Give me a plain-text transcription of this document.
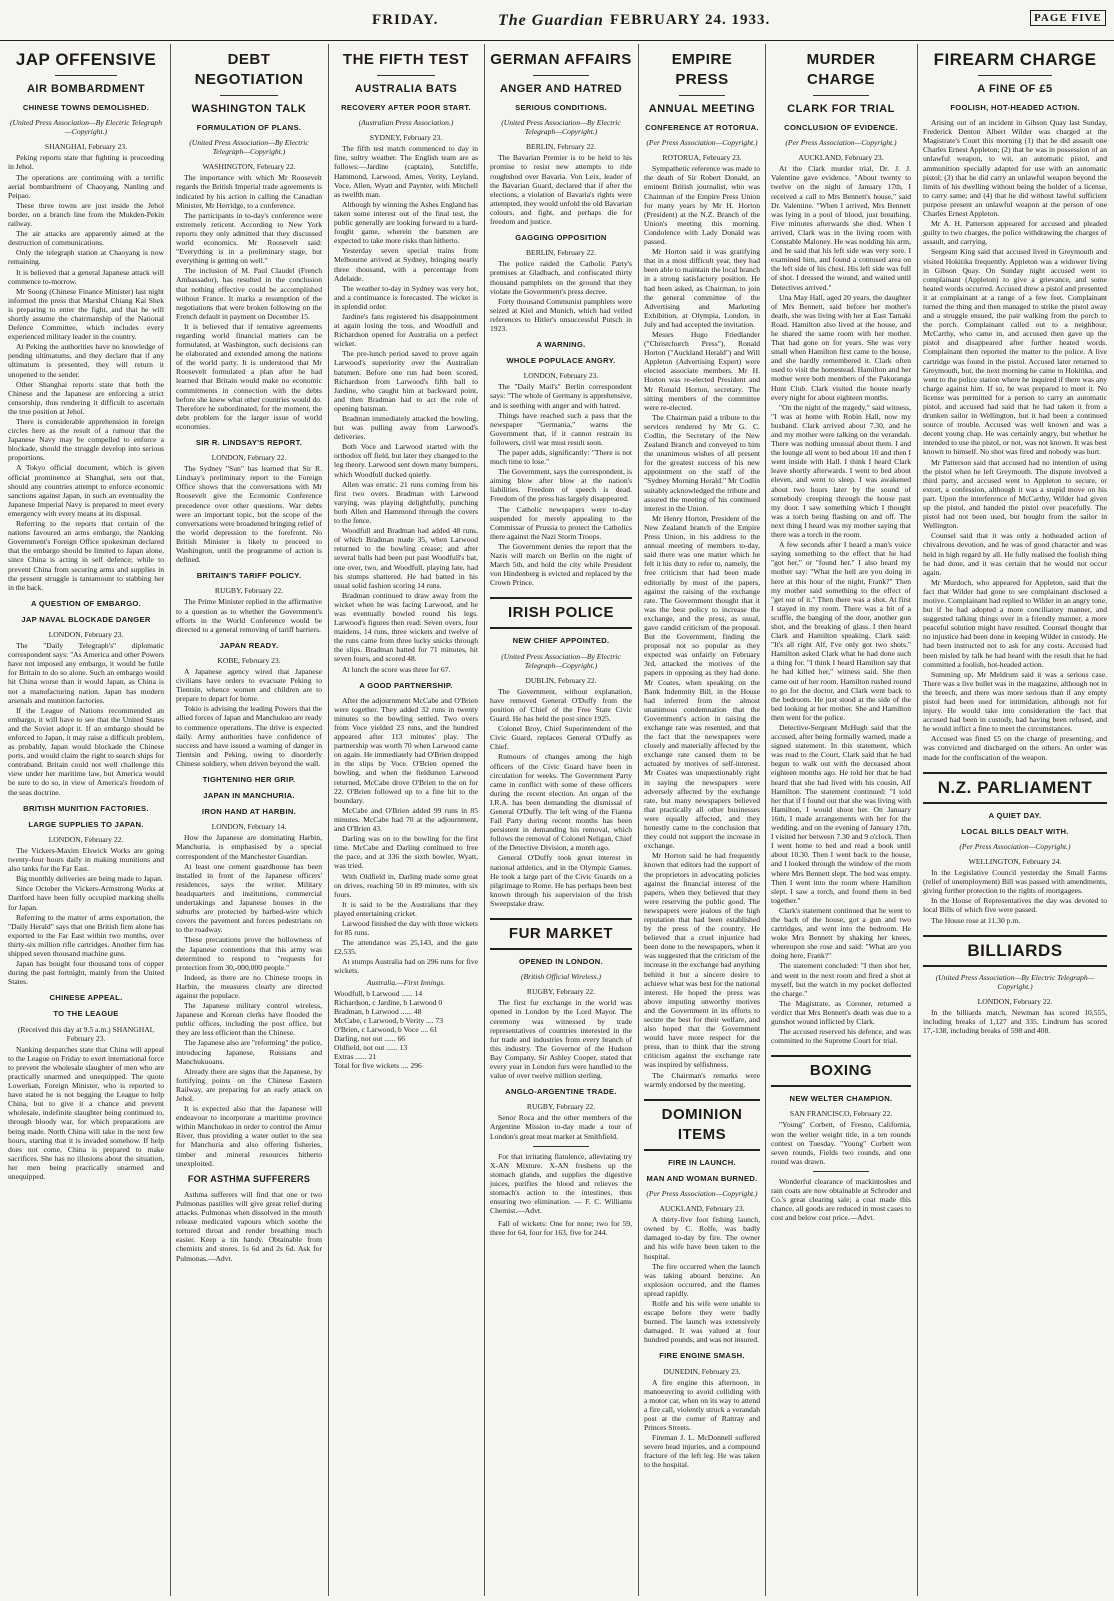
FRIDAY.	The Guardian FEBRUARY 24. 1933.	PAGE FIVE
JAP OFFENSIVE
AIR BOMBARDMENT
CHINESE TOWNS DEMOLISHED.
(United Press Association—By Electric Telegraph—Copyright.)
SHANGHAI, February 23.

Peking reports state that fighting is proceeding in Jehol.

The operations are continuing with a terrific aerial bombardment of Chaoyang, Nanling and Peipao.

These three towns are just inside the Jehol border, on a branch line from the Mukden-Pekin railway.

The air attacks are apparently aimed at the destruction of communications.

Only the telegraph station at Chaoyang is now remaining.

It is believed that a general Japanese attack will commence to-morrow.

Mr Soong (Chinese Finance Minister) last night informed the press that Marshal Chiang Kai Shek is preparing to enter the fight, and that he will shortly assume the chairmanship of the National Defence Committee, which includes every experienced military leader in the country.

At Peking the authorities have no knowledge of pending ultimatums, and they declare that if any ultimatum is presented, they will return it unopened to the sender.

Other Shanghai reports state that both the Chinese and the Japanese are enforcing a strict censorship, thus rendering it difficult to ascertain the true position at Jehol.

There is considerable apprehension in foreign circles here as the result of a rumour that the Japanese Navy may be compelled to enforce a blockade, should the struggle develop into serious proportions.

A Tokyo official document, which is given official prominence at Shanghai, sets out that, should any countries attempt to enforce economic sanctions against Japan, in such an eventuality the Japanese Imperial Navy is prepared to meet every emergency with every means at its disposal.

Referring to the reports that certain of the nations favoured an arms embargo, the Nanking Government's Foreign Office spokesman declared that the embargo should be limited to Japan alone, since China is acting in self defence; while to prevent China from securing arms and supplies in the present struggle is tantamount to stabbing her in the back.

A QUESTION OF EMBARGO.
JAP NAVAL BLOCKADE DANGER
LONDON, February 23.

The "Daily Telegraph's" diplomatic correspondent says: "As America and other Powers have not imposed any embargo, it would be futile for Britain to do so alone. Such an embargo would hit China worse than it would Japan, as China is not a manufacturing nation. Japan has modern arsenals and munition factories.

If the League of Nations recommended an embargo, it will have to see that the United States and the Soviet adopt it. If an embargo should be enforced to Japan, it may raise a difficult problem, as probably, Japan would blockade the Chinese ports, and would claim the right to search ships for contraband. Britain could not well challenge this view under her maritime law, but America would be sure to do so, in view of America's freedom of the seas doctrine.

BRITISH MUNITION FACTORIES.
LARGE SUPPLIES TO JAPAN.
LONDON, February 22.

The Vickers-Maxim Elswick Works are going twenty-four hours daily in making munitions and also tanks for the Far East.

Big monthly deliveries are being made to Japan.

Since October the Vickers-Armstrong Works at Dartford have been fully occupied marking shells for Japan.

Referring to the matter of arms exportation, the "Daily Herald" says that one British firm alone has exported to the Far East within two months, over thirty-six million rifle cartridges. Another firm has shipped seven thousand machine guns.

Japan has bought four thousand tons of copper during the past fortnight, mainly from the United States.

CHINESE APPEAL.
TO THE LEAGUE
(Received this day at 9.5 a.m.) SHANGHAI, February 23.

Nanking despatches state that China will appeal to the League on Friday to exert international force to prevent the wholesale slaughter of men who are practically unarmed and unequipped. The quote Lowerkan, Foreign Minister, who is reported to have stated he is not begging the League to help China, but to give it a chance and prevent wholesale, indefinite slaughter being continued to, through bloody war, for which preparations are being made. North China will take in the next few hours, starting that it is invaded somehow. If help does not come, China is prepared to make sacrifices. She has no illusions about the situation, her men being practically unarmed and unequipped.

DEBT NEGOTIATION
WASHINGTON TALK
FORMULATION OF PLANS.
(United Press Association—By Electric Telegraph—Copyright.)
WASHINGTON, February 22.

The importance with which Mr Roosevelt regards the British Imperial trade agreements is indicated by his action in calling the Canadian Minister, Mr Herridge, to a conference.

The participants in to-day's conference were extremely reticent. According to New York reports they only admitted that they discussed world economics. Mr Roosevelt said: "Everything is in a preliminary stage, but everything is getting on well."

The inclusion of M. Paul Claudel (French Ambassador), has resulted in the conclusion that nothing effective could be accomplished without France. It marks a resumption of the negotiations that were broken following on the French default in payment on December 15.

It is believed that if tentative agreements regarding world financial matters can be formulated, at Washington, such decisions can be elaborated and extended among the nations of the world party. It is understood that Mr Roosevelt formulated a plan after he had learned that Britain would make no economic commitments in connection with the debts before she knew what other countries would do. Therefore he subordinated, for the moment, the debt problem for the larger issue of world economies.

SIR R. LINDSAY'S REPORT.
LONDON, February 22.

The Sydney "Sun" has learned that Sir R. Lindsay's preliminary report to the Foreign Office shows that the conversations with Mr Roosevelt give the Economic Conference precedence over other questions. War debts were an important topic, but the scope of the conversations were broadened bringing relief of the world depression to the forefront. No British Minister is likely to proceed to Washington, until the programme of action is defined.

BRITAIN'S TARIFF POLICY.
RUGBY, February 22.

The Prime Minister replied in the affirmative to a question as to whether the Government's efforts in the World Conference would be directed to a general removing of tariff barriers.

JAPAN READY.
KOBE, February 23.

A Japanese agency wired that Japanese civilians have orders to evacuate Peking to Tientsin, whence women and children are to prepare to depart for home.

Tokio is advising the leading Powers that the allied forces of Japan and Manchukuo are ready to commence operations. The drive is expected daily. Army authorities have confidence of success and have issued a warning of danger in Tientsin and Peking, owing to disorderly Chinese soldiery, when driven beyond the wall.

TIGHTENING HER GRIP.
JAPAN IN MANCHURIA.
IRON HAND AT HARBIN.
LONDON, February 14.

How the Japanese are dominating Harbin, Manchuria, is emphasised by a special correspondent of the Manchester Guardian.

At least one cement guardhouse has been installed in front of the Japanese officers' residences, says the writer. Military headquarters and institutions, commercial undertakings and Japanese houses in the suburbs are protected by barbed-wire which covers the pavement and forces pedestrians on to the roadway.

These precautions prove the hollowness of the Japanese contentions that this army was determined to respond to "requests for protection from 30,-000,000 people."

Indeed, as there are no Chinese troops in Harbin, the measures clearly are directed against the populace.

The Japanese military control wireless, Japanese and Korean clerks have flooded the public offices, including the post office, but they are less efficient than the Chinese.

The Japanese also are "reforming" the police, introducing Japanese, Russians and Manchukuoans.

Already there are signs that the Japanese, by fortifying points on the Chinese Eastern Railway, are preparing for an early attack on Jehol.

It is expected also that the Japanese will endeavour to incorporate a maritime province within Manchukuo in order to control the Amur River, thus providing a water outlet to the sea for Manchuria and also offering fisheries, timber and mineral resources hitherto unexploited.

FOR ASTHMA SUFFERERS

Asthma sufferers will find that one or two Pulmonas pastilles will give great relief during attacks. Pulmonas when dissolved in the mouth release medicated vapours which soothe the tortured throat and render breathing much easier. Keep a tin handy. Obtainable from chemists and stores. 1s 6d and 2s 6d. Ask for Pulmonas.—Advt.

THE FIFTH TEST
AUSTRALIA BATS
RECOVERY AFTER POOR START.
(Australian Press Association.)
SYDNEY, February 23.

The fifth test match commenced to day in fine, sultry weather. The English team are as follows:—Jardine (captain), Sutcliffe, Hammond, Larwood, Ames, Verity, Leyland, Voce, Allen, Wyatt and Paynter, with Mitchell as twelfth man.

Although by winning the Ashes England has taken some interest out of the final test, the public generally are looking forward to a hard-fought game, wherein the batsmen are expected to take more risks than hitherto.

Yesterday seven special trains from Melbourne arrived at Sydney, bringing nearly three thousand, with a percentage from Adelaide.

The weather to-day in Sydney was very hot, and a continuance is forecasted. The wicket is in splendid order.

Jardine's fans registered his disappointment at again losing the toss, and Woodfull and Richardson opened for Australia on a perfect wicket.

The pre-lunch period saved to prove again Larwood's superiority over the Australian batsmen. Before one run had been scored, Richardson from Larwood's fifth ball to Jardine, who caught him at backward point, and then Bradman had to act the role of opening batsman.

Bradman immediately attacked the bowling, but was pulling away from Larwood's deliveries.

Both Voce and Larwood started with the orthodox off field, but later they changed to the leg theory. Larwood sent down many bumpers, which Woodfull ducked quietly.

Allen was erratic. 21 runs coming from his first two overs. Bradman with Larwood varying, was playing delightfully, punching both Allen and Hammond through the covers to the fence.

Woodfull and Bradman had added 48 runs, of which Bradman made 35, when Larwood returned to the bowling crease; and after several balls had been put past Woodfull's bat, one over, two, and Woodfull, playing late, had his stumps shattered. He had batted in his usual solid fashion scoring 14 runs.

Bradman continued to draw away from the wicket when he was facing Larwood, and he was eventually bowled round his legs. Larwood's figures then read: Seven overs, four maidens, 14 runs, three wickets and twelve of the runs came from three lucky snicks through the slips. Bradman batted for 71 minutes, hit seven fours, and scored 48.

At lunch the score was three for 67.

A GOOD PARTNERSHIP.

After the adjournment McCabe and O'Brien were together. They added 32 runs in twenty minutes so the bowling settled. Two overs from Voce yielded 23 runs, and the hundred appeared after 113 minutes' play. The partnership was worth 70 when Larwood came on again. He immediately had O'Brien dropped in the slips by Voce. O'Brien opened the bowling, and when the fieldsmen Larwood returned, McCabe drove O'Brien to the on for 22. O'Brien followed up to a fine hit to the boundary.

McCabe and O'Brien added 99 runs in 85 minutes. McCabe had 70 at the adjournment, and O'Brien 43.

Darling was on to the bowling for the first time. McCabe and Darling continued to free the pace, and at 336 the sixth bowler, Wyatt, was tried.

With Oldfield in, Darling made some great on drives, reaching 50 in 89 minutes, with six fours.

It is said to be the Australians that they played entertaining cricket.

Larwood finished the day with three wickets for 85 runs.

The attendance was 25,143, and the gate £2,535.

At stumps Australia had on 296 runs for five wickets.

Australia.—First Innings.
Woodfull, b Larwood ...... 14
Richardson, c Jardine, b Larwood 0
Bradman, b Larwood ...... 48
McCabe, c Larwood, b Verity .... 73
O'Brien, c Larwood, b Voce .... 61
Darling, not out ...... 66
Oldfield, not out ...... 13
Extras ...... 21
Total for five wickets .... 296
GERMAN AFFAIRS
ANGER AND HATRED
SERIOUS CONDITIONS.
(United Press Association—By Electric Telegraph—Copyright.)
BERLIN, February 22.

The Bavarian Premier is to be held to his promise to resist new attempts to ride roughshod over Bavaria. Von Leix, leader of the Bavarian Guard, declared that if after the elections, a violation of Bavaria's rights were attempted, they would unfold the old Bavarian colours, and fight, and perhaps die for freedom and justice.

GAGGING OPPOSITION
BERLIN, February 22.

The police raided the Catholic Party's premises at Gladbach, and confiscated thirty thousand pamphlets on the ground that they violate the Government's press decree.

Forty thousand Communist pamphlets were seized at Kiel and Munich, which had veiled references to Hitler's unsuccessful Putsch in 1923.

A WARNING.
WHOLE POPULACE ANGRY.
LONDON, February 23.

The "Daily Mail's" Berlin correspondent says: "The whole of Germany is apprehensive, and is seething with anger and with hatred.

Things have reached such a pass that the newspaper "Germania," warns the Government that, if it cannot restrain its followers, civil war must result soon.

The paper adds, significantly: "There is not much time to lose."

The Government, says the correspondent, is aiming blow after blow at the nation's liabilities. Freedom of speech is dead. Freedom of the press has largely disappeared.

The Catholic newspapers were to-day suspended for merely appealing to the Commissar of Prussia to protect the Catholics there against the Nazi Storm Troops.

The Government denies the report that the Nazis will march on Berlin on the night of March 5th, and hold the city while President von Hindenberg is evicted and replaced by the Crown Prince.

IRISH POLICE
NEW CHIEF APPOINTED.
(United Press Association—By Electric Telegraph—Copyright.)
DUBLIN, February 22.

The Government, without explanation, have removed General O'Duffy from the position of Chief of the Free State Civic Guard. He has held the post since 1925.

Colonel Broy, Chief Superintendent of the Civic Guard, replaces General O'Duffy as Chief.

Rumours of changes among the high officers of the Civic Guard have been in circulation for weeks. The Government Party came in conflict with some of these officers during the recent election. An organ of the I.R.A. has been demanding the dismissal of General O'Duffy. The left wing of the Fianna Fail Party during recent months has been persistent in demanding his removal, which follows the removal of Colonel Neligan, Chief of the Detective Division, a month ago.

General O'Duffy took great interest in national athletics, and in the Olympic Games. He took a large part of the Civic Guards on a pilgrimage to Rome. He has perhaps been best known through his supervision of the Irish Sweepstake draw.

FUR MARKET
OPENED IN LONDON.
(British Official Wireless.)
RUGBY, February 22.

The first fur exchange in the world was opened in London by the Lord Mayor. The ceremony was witnessed by trade representatives of countries interested in the fur trade and industries from every branch of this industry. The Governor of the Hudson Bay Company, Sir Ashley Cooper, stated that every year in London furs were handled to the value of over twelve million sterling.

ANGLO-ARGENTINE TRADE.
RUGBY, February 22.

Senor Roca and the other members of the Argentine Mission to-day made a tour of London's great meat market at Smithfield.

For that irritating flatulence, alleviating try X-AN Mixture. X-AN freshens up the stomach glands, and supplies the digestive juices, purifies the blood and relieves the stomach's action to the intestines, thus ensuring two elimination. — F. C. Williams Chemist.—Advt.

Fall of wickets: One for none; two for 59, three for 64, four for 163, five for 244.

EMPIRE PRESS
ANNUAL MEETING
CONFERENCE AT ROTORUA.
(Per Press Association—Copyright.)
ROTORUA, February 23.

Sympathetic reference was made to the death of Sir Robert Donald, an eminent British journalist, who was Chairman of the Empire Press Union for many years by Mr H. Horton (President) at the N.Z. Branch of the Union's meeting this morning. Condolence with Lady Donald was passed.

Mr Horton said it was gratifying that in a most difficult year, they had been able to maintain the local branch in a strong satisfactory position. He had been asked, as Chairman, to join the general committee of the Advertising and Marketing Exhibition, at Olympia, London, in July and had accepted the invitation.

Messrs Hugo Friedlander ("Christchurch Press"), Ronald Horton ("Auckland Herald") and Will Appleton (Advertising Expert) were elected associate members. Mr H. Horton was re-elected President and Mr Ronald Horton, secretary. The sitting members of the committee were re-elected.

The Chairman paid a tribute to the services rendered by Mr G. C. Codlin, the Secretary of the New Zealand Branch and conveyed to him the unanimous wishes of all present for the greatest success of his new appointment on the staff of the "Sydney Morning Herald." Mr Codlin suitably acknowledged the tribute and assured the meeting of his continued interest in the Union.

Mr Henry Horton, President of the New Zealand branch of the Empire Press Union, in his address to the annual meeting of members to-day, said there was one matter which he felt it his duty to refer to, namely, the free criticism that had been made editorially by most of the papers, against the raising of the exchange rate. The Government thought that it was the best policy to increase the exchange, and the press, as usual, gave candid criticism of the proposal. But the Government, finding the proposal not so popular as they expected was unfairly on February 3rd, attacked the motives of the papers in opposing as they had done. Mr Coates, when speaking on the Bank Indemnity Bill, in the House had inferred from the almost unanimous condemnation that the Government's action in raising the exchange rate was resented, and that the fact that the newspapers were closely and materially affected by the exchange rate caused them to be actuated by motives of self-interest. Mr Coates was unquestionably right in saying the newspapers were adversely affected by the exchange rate, but many newspapers believed that practically all other businesses were equally affected, and they honestly came to the conclusion that they could not support the increase in exchange.

Mr Horton said he had frequently known that editors had the support of the proprietors in advocating policies against the financial interest of the papers, when they believed that they were reserving the public good. The newspapers were jealous of the high reputation that had been established by the press of the country. He believed that a cruel injustice had been done to the newspapers, when it was suggested that the criticism of the increase in the exchange had anything behind it but a sincere desire to achieve what was best for the national interest. He hoped the press was above imputing unworthy motives and the Government in its efforts to secure the best for their welfare, and also hoped that the Government would have more respect for the press, than to think that the strong criticism against the exchange rate was inspired by selfishness.

The Chairman's remarks were warmly endorsed by the meeting.

DOMINION ITEMS
FIRE IN LAUNCH.
MAN AND WOMAN BURNED.
(Per Press Association—Copyright.)
AUCKLAND, February 23.

A thirty-five foot fishing launch, owned by C. Rolfe, was badly damaged to-day by fire. The owner and his wife have been taken to the hospital.

The fire occurred when the launch was taking aboard benzine. An explosion occurred, and the flames spread rapidly.

Rolfe and his wife were unable to escape before they were badly burned. The launch was extensively damaged. It was valued at four hundred pounds, and was not insured.

FIRE ENGINE SMASH.
DUNEDIN, February 23.

A fire engine this afternoon, in manoeuvring to avoid colliding with a motor car, when on its way to attend a fire call, violently struck a verandah post at the corner of Rattray and Princes Streets.

Fireman J. L. McDonnell suffered severe head injuries, and a compound fracture of the left leg. He was taken to the hospital.

MURDER CHARGE
CLARK FOR TRIAL
CONCLUSION OF EVIDENCE.
(Per Press Association—Copyright.)
AUCKLAND, February 23.

At the Clark murder trial, Dr. J. J. Valentine gave evidence. "About twenty to twelve on the night of January 17th, I received a call to Mrs Bennett's house," said Dr. Valentine. "When I arrived, Mrs Bennett was lying in a pool of blood, just breathing. Five minutes afterwards she died. When I arrived, Clark was in the living room with Constable Maloney. He was nodding his arm, and he said that his left side was very sore. I examined him, and found a contused area on the left side of his chest. His left side was full of shot. I dressed the wound, and waited until Detectives arrived."

Una May Hall, aged 20 years, the daughter of Mrs Bennett, said before her mother's death, she was living with her at East Tamaki Road. Hamilton also lived at the house, and he shared the same room with her mother. That had gone on for years. She was very small when Hamilton first came to the house, and she hardly remembered it. Clark often used to visit the homestead. Hamilton and her mother were both members of the Pakuranga Hunt Club. Clark visited the house nearly every night for about eighteen months.

"On the night of the tragedy," said witness, "I was at home with Robin Hall, now my husband. Clark arrived about 7.30, and he and my mother were talking on the verandah. There was nothing unusual about them. I and the lounge all went to bed about 10 and then I went inside with Hall. I think I heard Clark leave shortly afterwards. I went to bed about eleven, and went to sleep. I was awakened about two hours later by the sound of somebody creeping through the house past my door. I saw something which I thought was a torch being flashing on and off. The next thing I heard was my mother saying that there was a torch in the room.

A few seconds after I heard a man's voice saying something to the effect that he had "got her," or "found her." I also heard my mother say: "What the hell are you doing in here at this hour of the night, Frank?" Then my mother said something to the effect of "get out of it." Then there was a shot. At first I stayed in my room. There was a bit of a scuffle, the banging of the door, another gun shot, and the breaking of glass. I then heard Clark and Hamilton speaking. Clark said: "It's all right Alf, I've only got two shots." Hamilton asked Clark what he had done such a thing for. "I think I heard Hamilton say that he had killed her," witness said. She then came out of her room. Hamilton rushed round to go for the doctor, and Clark went back to the bedroom. He just stood at the side of the bed looking at her mother. She and Hamilton then went for the police.

Detective-Sergeant McHugh said that the accused, after being formally warned, made a signed statement. In this statement, which was read to the Court, Clark said that he had begun to walk out with the deceased about eighteen months ago. He told her that he had heard that she had lived with his cousin, Alf Hamilton. The statement continued: "I told her that if I found out that she was living with Hamilton, I would shoot her. On January 16th, I made arrangements with her for the wedding, and on the evening of January 17th, I visited her between 7.30 and 9 o'clock. Then I went home to bed and read a book until about 10.30. Then I went back to the house, and I looked through the window of the room where Mrs Bennett slept. The bed was empty. Then I went into the room where Hamilton slept. I saw a torch, and found them in bed together."

Clark's statement continued that he went to the bach of the house, got a gun and two cartridges, and went into the bedroom. He woke Mrs Bennett by shaking her knees, whereupon she rose and said: "What are you doing here, Frank?"

The statement concluded: "I then shot her, and went to the next room and fired a shot at myself, but the watch in my pocket deflected the charge."

The Magistrate, as Coroner, returned a verdict that Mrs Bennett's death was due to a gunshot wound inflicted by Clark.

The accused reserved his defence, and was committed to the Supreme Court for trial.

BOXING
NEW WELTER CHAMPION.
SAN FRANCISCO, February 22.

"Young" Corbett, of Fresno, California, won the welter weight title, in a ten rounds contest on Tuesday. "Young" Corbett won seven rounds, Fields two rounds, and one round was drawn.

Wonderful clearance of mackintoshes and rain coats are now obtainable at Schroder and Co.'s great clearing sale; a coat made this chance, all goods are reduced in most cases to cost and below cost price.—Advt.

FIREARM CHARGE
A FINE OF £5
FOOLISH, HOT-HEADED ACTION.

Arising out of an incident in Gibson Quay last Sunday, Frederick Denton Albert Wilder was charged at the Magistrate's Court this morning (1) that he did assault one Charles Ernest Appleton; (2) that he was in possession of an unlawful weapon, to wit, an automatic pistol, and ammunition specially adapted for use with an automatic pistol; (3) that he did carry an unlawful weapon beyond the limits of his dwelling without being the holder of a license, to carry same; and (4) that he did without lawful sufficient purpose present an unlawful weapon at the person of one Charles Ernest Appleton.

Mr A. H. Patterson appeared for accused and pleaded guilty to two charges, the police withdrawing the charges of assault, and carrying.

Sergeant King said that accused lived in Greymouth and visited Hokitika frequently. Appleton was a widower living in Gibson Quay. On Sunday night accused went to complainant (Appleton) to give a grievance, and some heated words occurred. Accused drew a pistol and presented it at complainant at a range of a few feet. Complainant turned the thing and then managed to strike the pistol away and a struggle ensued, the pair walking from the porch to the porch. Complainant called out to a neighbour, McCarthy, who came in, and accused then gave up the pistol and disappeared after further heated words. Complainant then reported the matter to the police. A live cartridge was found in the pistol. Accused later returned to Greymouth, but, the next morning he came to Hokitika, and went to the police station where he inquired if there was any charge against him. If so, he was prepared to meet it. No license was permitted for a person to carry an automatic pistol, and accused had said that he had taken it from a drunken sailor in Wellington, but it had been a continued source of trouble. Accused was well known and was a decent young chap. He was certainly angry, but whether he intended to use the pistol, or not, was not known. It was best known to himself. No shot was fired and nobody was hurt.

Mr Patterson said that accused had no intention of using the pistol when he left Greymouth. The dispute involved a third party, and accused went to Appleton to secure, or extort, a confession, although it was a stupid move on his part. Upon the interference of McCarthy, Wilder had given up the pistol, and handed the pistol over peacefully. The pistol had not been used, but bought from the sailor in Wellington.

Counsel said that it was only a hotheaded action of chivalrous devotion, and he was of good character and was held in high regard by all. He fully realised the foolish thing he had done, and it was certain that he would not occur again.

Mr Murdoch, who appeared for Appleton, said that the fact that Wilder had gone to see complainant disclosed a motive. Complainant had replied to Wilder in an angry tone, but if he had adopted a more conciliatory manner, and suggested talking things over in a friendly manner, a more peaceful solution might have resulted. Counsel thought that no injustice had been done in keeping Wilder in custody. He had been instructed not to ask for any costs. Accused had been misled by talk he had heard with the result that he had committed a foolish, hot-headed action.

Summing up, Mr Meldrum said it was a serious case. There was a live bullet was in the magazine, although not in the breech, and there was more serious than if any empty pistol had been used for intimidation, although not for injury. He would take into consideration the fact that accused had been in custody, had having been refused, and he would inflict a fine to meet the circumstances.

Accused was fined £5 on the charge of presenting, and was convicted and discharged on the others. An order was made for the confiscation of the weapon.

N.Z. PARLIAMENT
A QUIET DAY.
LOCAL BILLS DEALT WITH.
(Per Press Association—Copyright.)
WELLINGTON, February 24.

In the Legislative Council yesterday the Small Farms (relief of unemployment) Bill was passed with amendments, giving further protection to the rights of mortgagees.

In the House of Representatives the day was devoted to local Bills of which five were passed.

The House rose at 11.30 p.m.

BILLIARDS
(United Press Association—By Electric Telegraph—Copyright.)
LONDON, February 22.

In the billiards match, Newman has scored 10,555, including breaks of 1,127 and 335. Lindrum has scored 17,-138, including breaks of 598 and 408.
